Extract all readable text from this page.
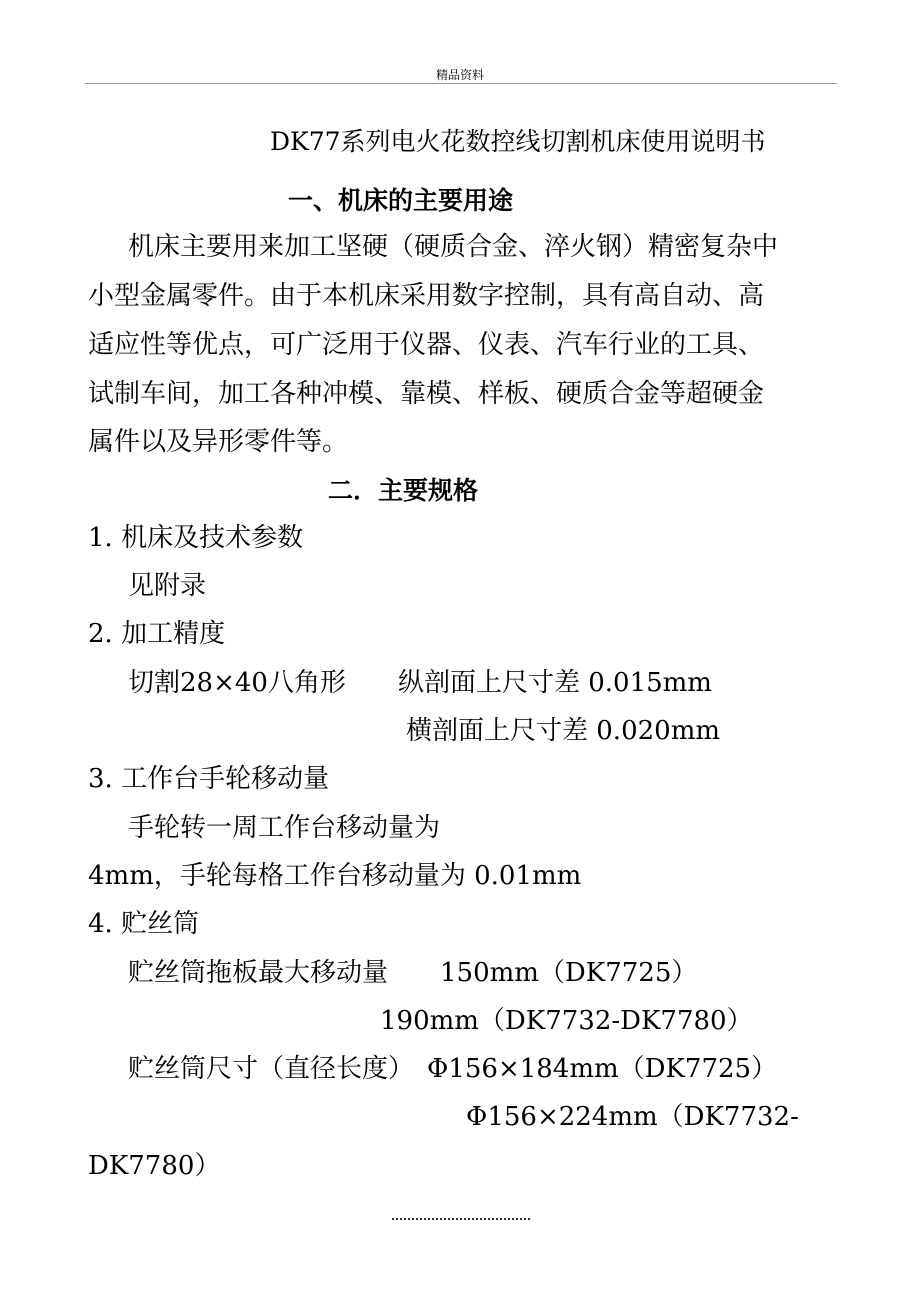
精品资料
DK77系列电火花数控线切割机床使用说明书
一、机床的主要用途
机床主要用来加工坚硬（硬质合金、淬火钢）精密复杂中
小型金属零件。由于本机床采用数字控制，具有高自动、高
适应性等优点，可广泛用于仪器、仪表、汽车行业的工具、
试制车间，加工各种冲模、靠模、样板、硬质合金等超硬金
属件以及异形零件等。
二．主要规格
1. 机床及技术参数
见附录
2. 加工精度
切割28×40八角形　　纵剖面上尺寸差 0.015mm
横剖面上尺寸差 0.020mm
3. 工作台手轮移动量
手轮转一周工作台移动量为
4mm，手轮每格工作台移动量为 0.01mm
4. 贮丝筒
贮丝筒拖板最大移动量　　150mm（DK7725）
190mm（DK7732-DK7780）
贮丝筒尺寸（直径长度）　Φ156×184mm（DK7725）
Φ156×224mm（DK7732-
DK7780）
